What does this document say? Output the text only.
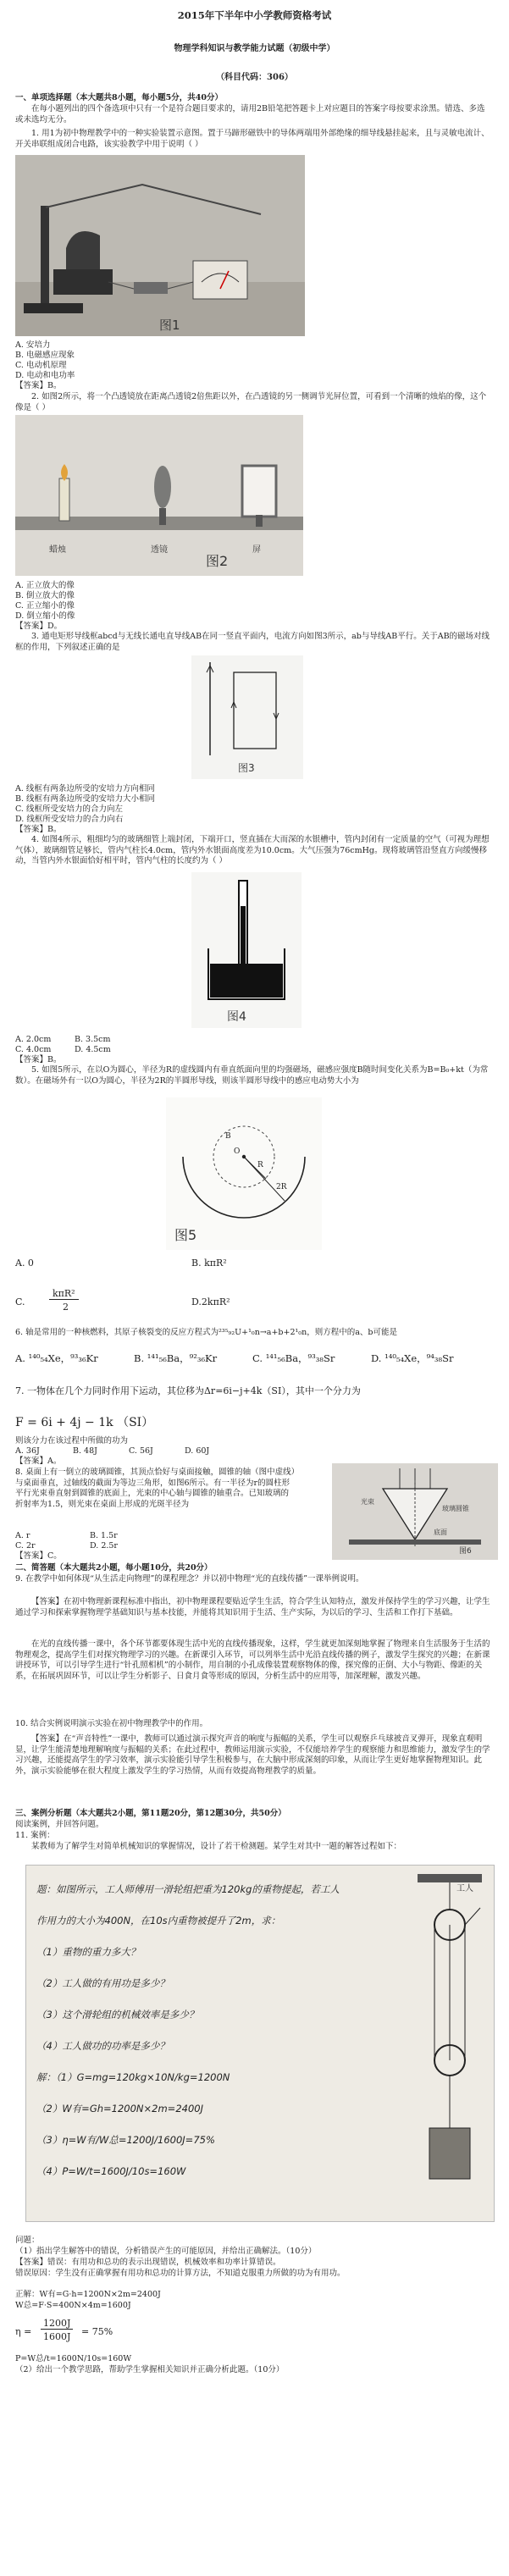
2015年下半年中小学教师资格考试
物理学科知识与教学能力试题（初级中学）
（科目代码：306）
一、单项选择题（本大题共8小题，每小题5分，共40分）
在每小题列出的四个备选项中只有一个是符合题目要求的，请用2B铅笔把答题卡上对应题目的答案字母按要求涂黑。错选、多选或未选均无分。
1. 用1为初中物理教学中的一种实验装置示意图。置于马蹄形磁铁中的导体两端用外部绝缘的细导线悬挂起来，且与灵敏电流计、开关串联组成闭合电路，该实验教学中用于说明（ ）
图1
A. 安培力
B. 电磁感应现象
C. 电动机原理
D. 电动和电功率
【答案】B。
2. 如图2所示，将一个凸透镜放在距离凸透镜2倍焦距以外，在凸透镜的另一侧调节光屏位置，可看到一个清晰的烛焰的像，这个像是（ ）
蜡烛	透镜	屏
图2
A. 正立放大的像
B. 倒立放大的像
C. 正立缩小的像
D. 倒立缩小的像
【答案】D。
3. 通电矩形导线框abcd与无线长通电直导线AB在同一竖直平面内，电流方向如图3所示，ab与导线AB平行。关于AB的磁场对线框的作用，下列叙述正确的是
图3
A. 线框有两条边所受的安培力方向相同
B. 线框有两条边所受的安培力大小相同
C. 线框所受安培力的合力向左
D. 线框所受安培力的合力向右
【答案】B。
4. 如图4所示，粗细均匀的玻璃细管上端封闭，下端开口，竖直插在大而深的水银槽中，管内封闭有一定质量的空气（可视为理想气体），玻璃细管足够长，管内气柱长4.0cm，管内外水银面高度差为10.0cm。大气压强为76cmHg。现将玻璃管沿竖直方向缓慢移动，当管内外水银面恰好相平时，管内气柱的长度约为（ ）
图4
A. 2.0cm	B. 3.5cm
C. 4.0cm	D. 4.5cm
【答案】B。
5. 如图5所示，在以O为圆心，半径为R的虚线圆内有垂直纸面向里的均强磁场，磁感应强度B随时间变化关系为B=B₀+kt（为常数）。在磁场外有一以O为圆心，半径为2R的半圆形导线，则该半圆形导线中的感应电动势大小为
B
O
R
2R
图5
A. 0	B. kπR²
C.
kπR²
2	D.2kπR²
6. 轴是常用的一种核燃料，其原子核裂变的反应方程式为²³⁵₉₂U+¹₀n→a+b+2¹₀n，则方程中的a、b可能是
A. ¹⁴⁰₅₄Xe，⁹³₃₆Kr	B. ¹⁴¹₅₆Ba，⁹²₃₆Kr	C. ¹⁴¹₅₆Ba，⁹³₃₈Sr	D. ¹⁴⁰₅₄Xe，⁹⁴₃₈Sr
7. 一物体在几个力同时作用下运动，其位移为Δr=6i−j+4k（SI），其中一个分力为
F = 6i + 4j − 1k （SI）
则该分力在该过程中所做的功为
A. 36J	B. 48J	C. 56J	D. 60J
【答案】A。
8. 桌面上有一倒立的玻璃圆锥，其顶点恰好与桌面接触，圆锥的轴（图中虚线）与桌面垂直，过轴线的截面为等边三角形，如图6所示。有一半径为r的圆柱形平行光束垂直射到圆锥的底面上，光束的中心轴与圆锥的轴重合。已知玻璃的折射率为1.5，则光束在桌面上形成的光斑半径为	光束
玻璃圆锥
底面
图6
A. r	B. 1.5r
C. 2r	D. 2.5r
【答案】C。
二、简答题（本大题共2小题，每小题10分，共20分）
9. 在教学中如何体现“从生活走向物理”的课程理念？并以初中物理“光的直线传播”一课举例说明。
【答案】在初中物理新课程标准中指出，初中物理课程要贴近学生生活，符合学生认知特点，激发并保持学生的学习兴趣，让学生通过学习和探索掌握物理学基础知识与基本技能，并能将其知识用于生活、生产实际，为以后的学习、生活和工作打下基础。
在光的直线传播一课中，各个环节都要体现生活中光的直线传播现象，这样，学生就更加深刻地掌握了物理来自生活服务于生活的物理观念，提高学生们对探究物理学习的兴趣。在新课引入环节，可以列举生活中光沿直线传播的例子，激发学生探究的兴趣；在新课讲授环节，可以引导学生进行“针孔照相机”的小制作，用自制的小孔成像装置观察物体的像，探究像的正倒、大小与物距、像距的关系，在拓展巩固环节，可以让学生分析影子、日食月食等形成的原因，分析生活中的应用等，加深理解，激发兴趣。
10. 结合实例说明演示实验在初中物理教学中的作用。
【答案】在“声音特性”一课中，教师可以通过演示探究声音的响度与振幅的关系，学生可以观察乒乓球被音叉弹开，现象直观明显，让学生能清楚地理解响度与振幅的关系；在此过程中，教师运用演示实验，不仅能培养学生的观察能力和思维能力，激发学生的学习兴趣，还能提高学生的学习效率，演示实验能引导学生积极参与，在大脑中形成深刻的印象，从而让学生更好地掌握物理知识。此外，演示实验能够在很大程度上激发学生的学习热情，从而有效提高物理教学的质量。
三、案例分析题（本大题共2小题，第11题20分，第12题30分，共50分）
阅读案例，并回答问题。
11. 案例：
某教师为了解学生对简单机械知识的掌握情况，设计了若干检测题。某学生对其中一题的解答过程如下：
题：如图所示，工人师傅用一滑轮组把重为120kg的重物提起，若工人
作用力的大小为400N，在10s内重物被提升了2m，求：
（1）重物的重力多大？
（2）工人做的有用功是多少？
（3）这个滑轮组的机械效率是多少？
（4）工人做功的功率是多少？
解：（1）G=mg=120kg×10N/kg=1200N
（2）W有=Gh=1200N×2m=2400J
（3）η=W有/W总=1200J/1600J=75%
（4）P=W/t=1600J/10s=160W
工人
问题：
（1）指出学生解答中的错误，分析错误产生的可能原因，并给出正确解法。（10分）
【答案】错误：有用功和总功的表示出现错误，机械效率和功率计算错误。
错误原因：学生没有正确掌握有用功和总功的计算方法，不知道克服重力所做的功为有用功。
正解：W有=G·h=1200N×2m=2400J
W总=F·S=400N×4m=1600J
η =
1200J
1600J = 75%
P=W总/t=1600N/10s=160W
（2）给出一个教学思路，帮助学生掌握相关知识并正确分析此题。（10分）
